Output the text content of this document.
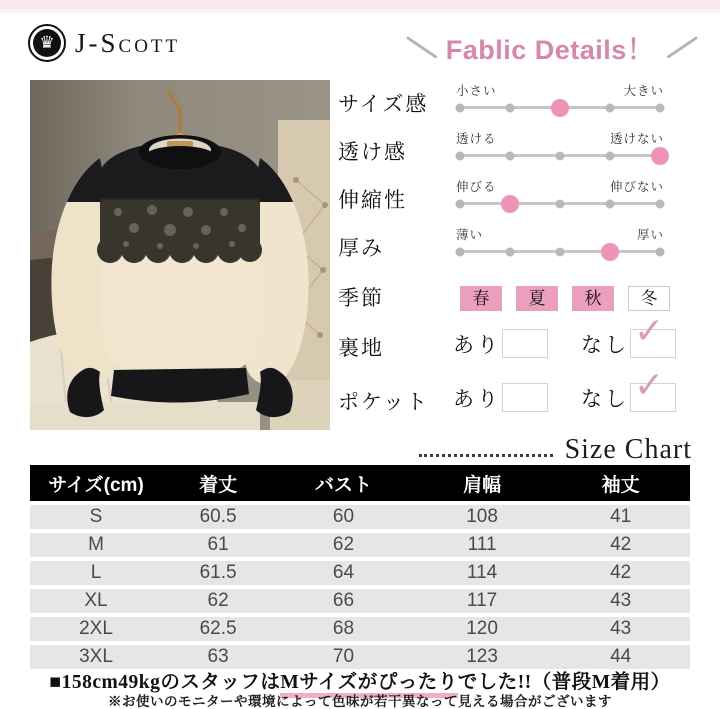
♛ J-Scott	Fablic Details！
サイズ感
小さい	大きい
透け感
透ける	透けない
伸縮性
伸びる	伸びない
厚み
薄い	厚い
季節	春	夏	秋	冬
裏地	あり	なし ✓
ポケット あり	なし ✓
Size Chart
サイズ(cm)	着丈	バスト	肩幅	袖丈
S	60.5	60	108	41
M	61	62	111	42
L	61.5	64	114	42
XL	62	66	117	43
2XL	62.5	68	120	43
3XL	63	70	123	44
■158cm49kgのスタッフはMサイズがぴったりでした!!（普段M着用）
※お使いのモニターや環境によって色味が若干異なって見える場合がございます
